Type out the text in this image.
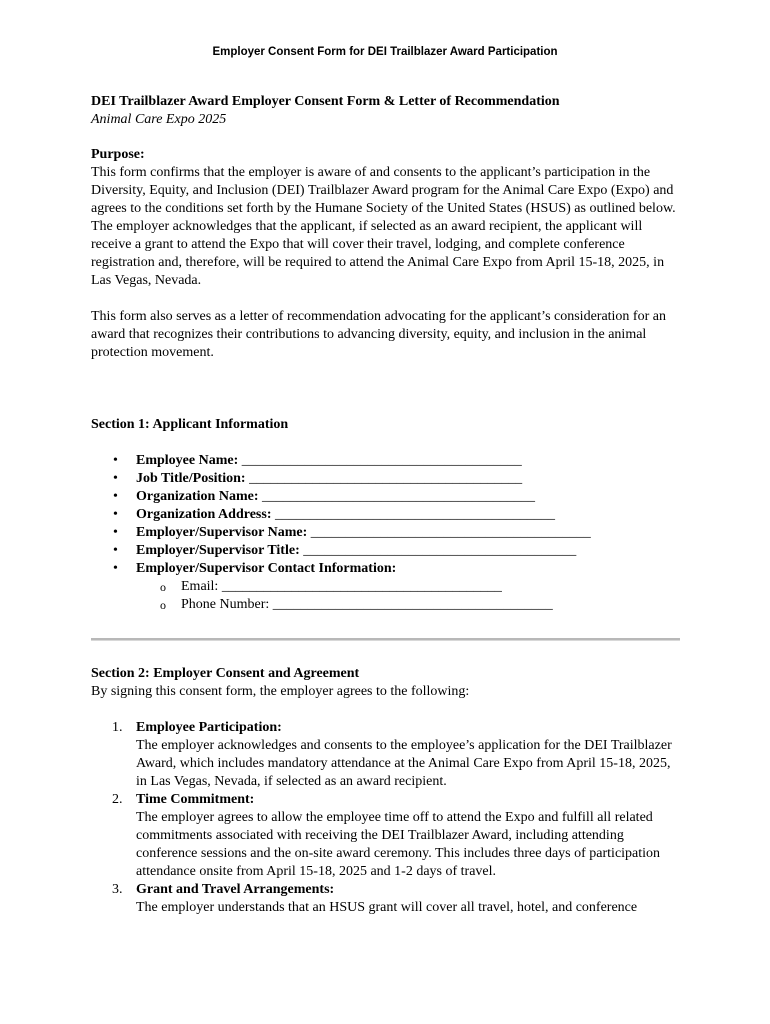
Employer Consent Form for DEI Trailblazer Award Participation
DEI Trailblazer Award Employer Consent Form & Letter of Recommendation
Animal Care Expo 2025
Purpose:

This form confirms that the employer is aware of and consents to the applicant’s participation in the Diversity, Equity, and Inclusion (DEI) Trailblazer Award program for the Animal Care Expo (Expo) and agrees to the conditions set forth by the Humane Society of the United States (HSUS) as outlined below. The employer acknowledges that the applicant, if selected as an award recipient, the applicant will receive a grant to attend the Expo that will cover their travel, lodging, and complete conference registration and, therefore, will be required to attend the Animal Care Expo from April 15-18, 2025, in Las Vegas, Nevada.

This form also serves as a letter of recommendation advocating for the applicant’s consideration for an award that recognizes their contributions to advancing diversity, equity, and inclusion in the animal protection movement.

Section 1: Applicant Information
• Employee Name: ________________________________________
• Job Title/Position: _______________________________________
• Organization Name: _______________________________________
• Organization Address: ________________________________________
• Employer/Supervisor Name: ________________________________________
• Employer/Supervisor Title: _______________________________________
• Employer/Supervisor Contact Information:
o Email: ________________________________________
o Phone Number: ________________________________________
Section 2: Employer Consent and Agreement
By signing this consent form, the employer agrees to the following:
1. Employee Participation:
The employer acknowledges and consents to the employee’s application for the DEI Trailblazer Award, which includes mandatory attendance at the Animal Care Expo from April 15-18, 2025, in Las Vegas, Nevada, if selected as an award recipient.
2. Time Commitment:
The employer agrees to allow the employee time off to attend the Expo and fulfill all related commitments associated with receiving the DEI Trailblazer Award, including attending conference sessions and the on-site award ceremony. This includes three days of participation attendance onsite from April 15-18, 2025 and 1-2 days of travel.
3. Grant and Travel Arrangements:
The employer understands that an HSUS grant will cover all travel, hotel, and conference
